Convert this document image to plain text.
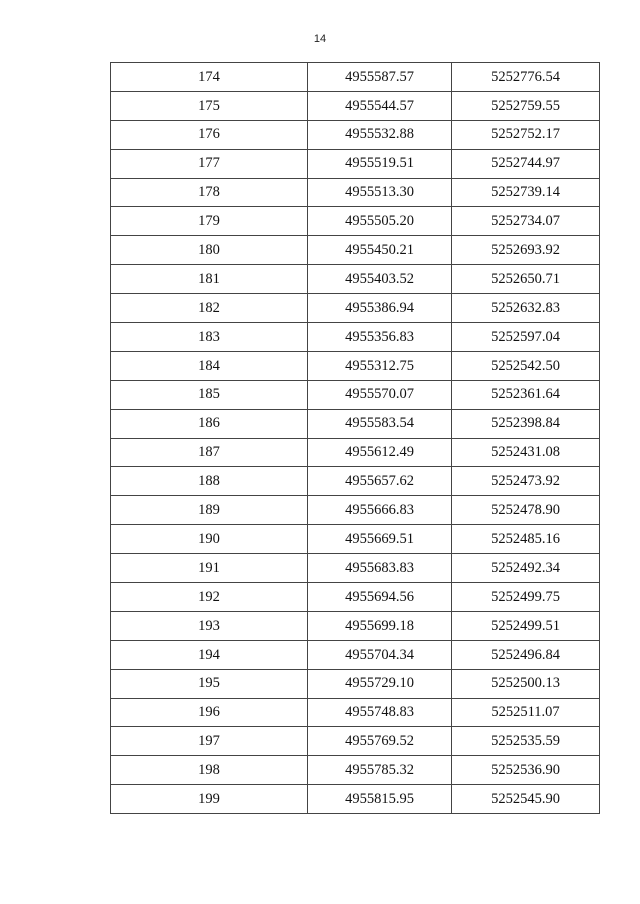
14
174	4955587.57	5252776.54
175	4955544.57	5252759.55
176	4955532.88	5252752.17
177	4955519.51	5252744.97
178	4955513.30	5252739.14
179	4955505.20	5252734.07
180	4955450.21	5252693.92
181	4955403.52	5252650.71
182	4955386.94	5252632.83
183	4955356.83	5252597.04
184	4955312.75	5252542.50
185	4955570.07	5252361.64
186	4955583.54	5252398.84
187	4955612.49	5252431.08
188	4955657.62	5252473.92
189	4955666.83	5252478.90
190	4955669.51	5252485.16
191	4955683.83	5252492.34
192	4955694.56	5252499.75
193	4955699.18	5252499.51
194	4955704.34	5252496.84
195	4955729.10	5252500.13
196	4955748.83	5252511.07
197	4955769.52	5252535.59
198	4955785.32	5252536.90
199	4955815.95	5252545.90
